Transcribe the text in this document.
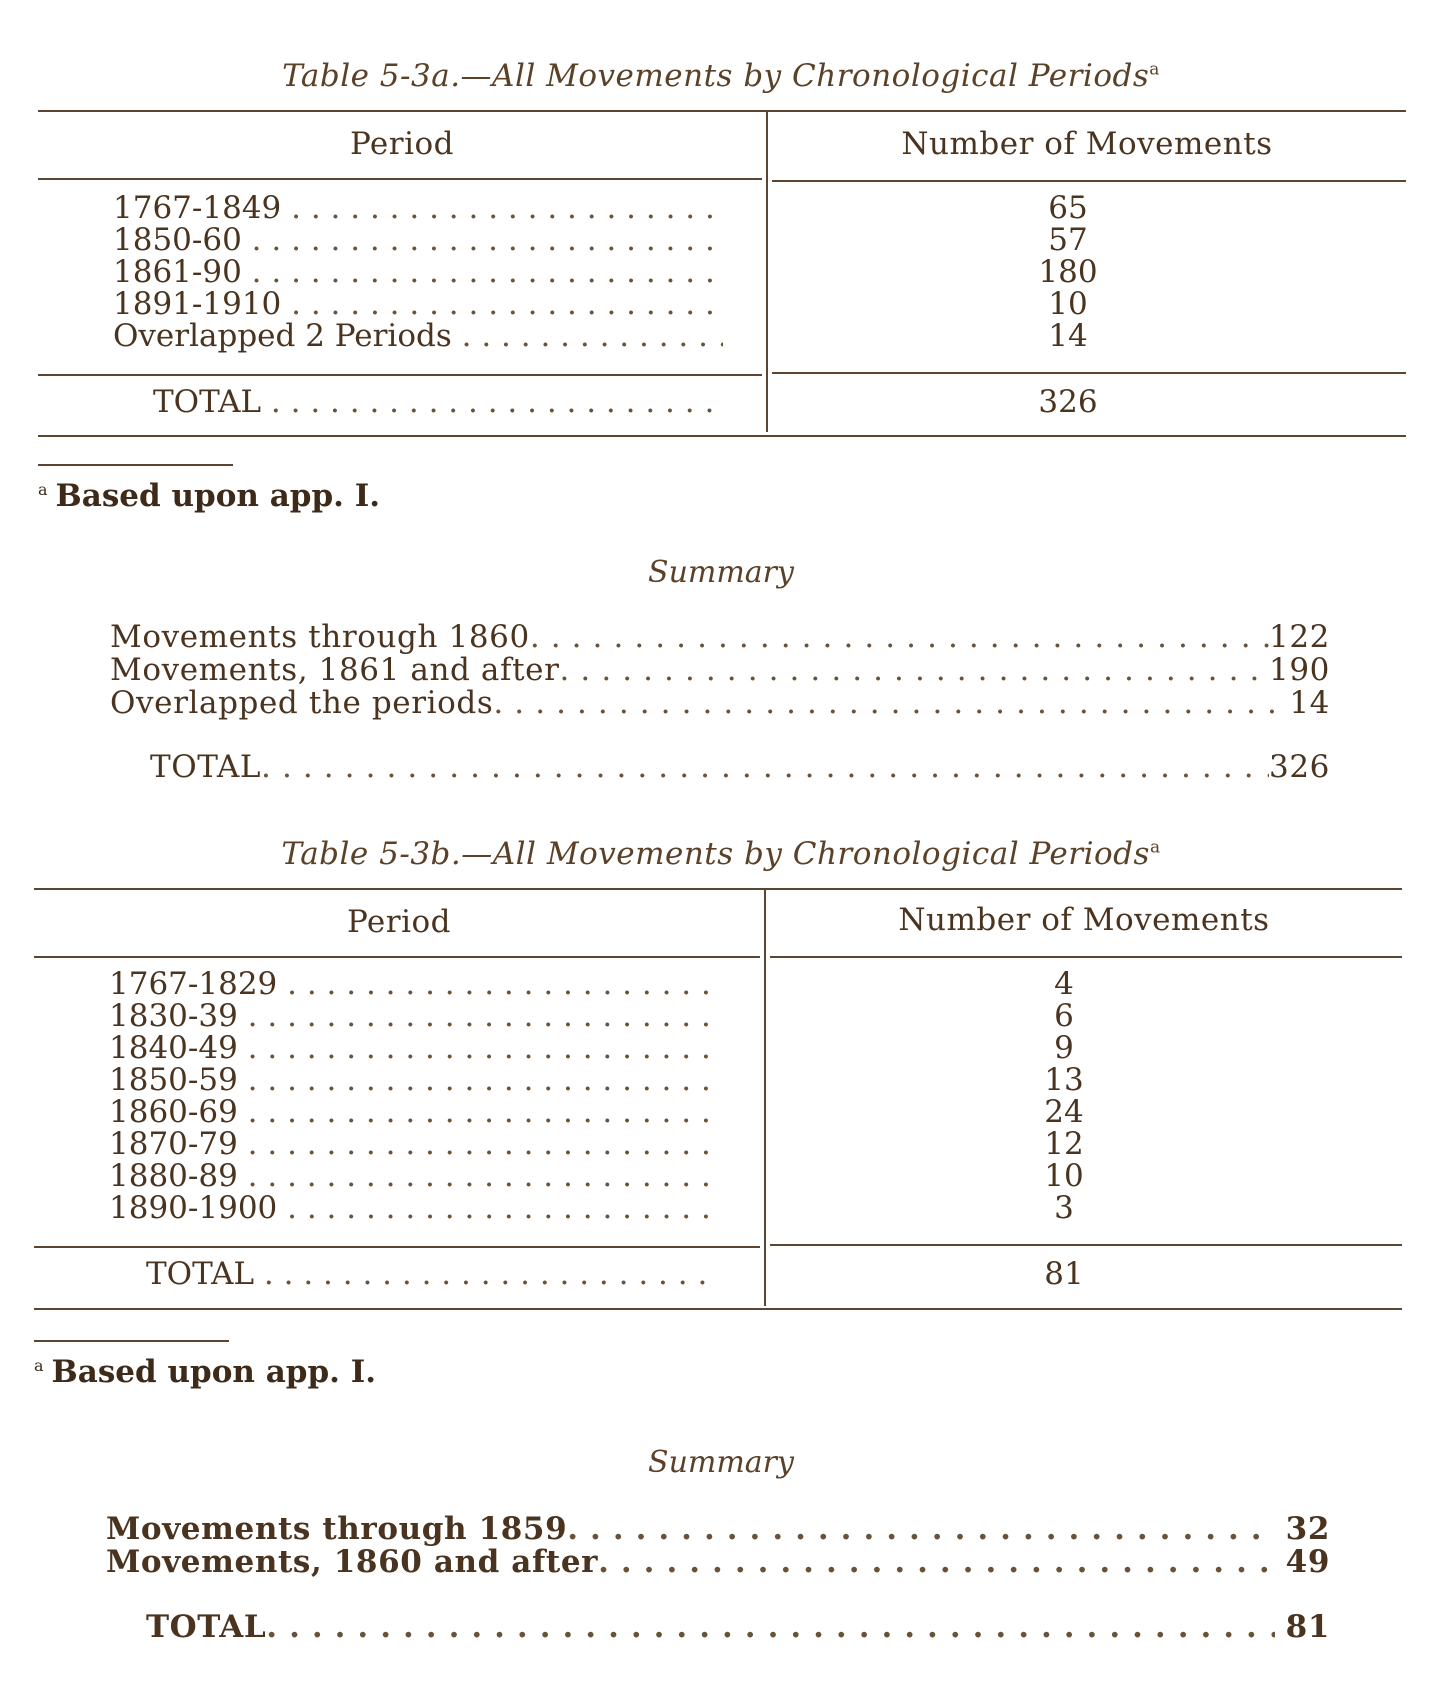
Table 5-3a.—All Movements by Chronological Periods$^a$
Period	Number of Movements
1767-1849 . . .	65
1850-60 . . .	57
1861-90 . . .	180
1891-1910 . . .	10
Overlapped 2 Periods . . .	14
TOTAL . . .	326
$^a$ Based upon app. I.
Summary
Movements through 1860 . . .	122
Movements, 1861 and after . . .	190
Overlapped the periods . . .	14
TOTAL . . .	326
Table 5-3b.—All Movements by Chronological Periods$^a$
Period	Number of Movements
1767-1829 . . .	4
1830-39 . . .	6
1840-49 . . .	9
1850-59 . . .	13
1860-69 . . .	24
1870-79 . . .	12
1880-89 . . .	10
1890-1900 . . .	3
TOTAL . . .	81
$^a$ Based upon app. I.
Summary
Movements through 1859 . . .	32
Movements, 1860 and after . . .	49
TOTAL . . .	81
